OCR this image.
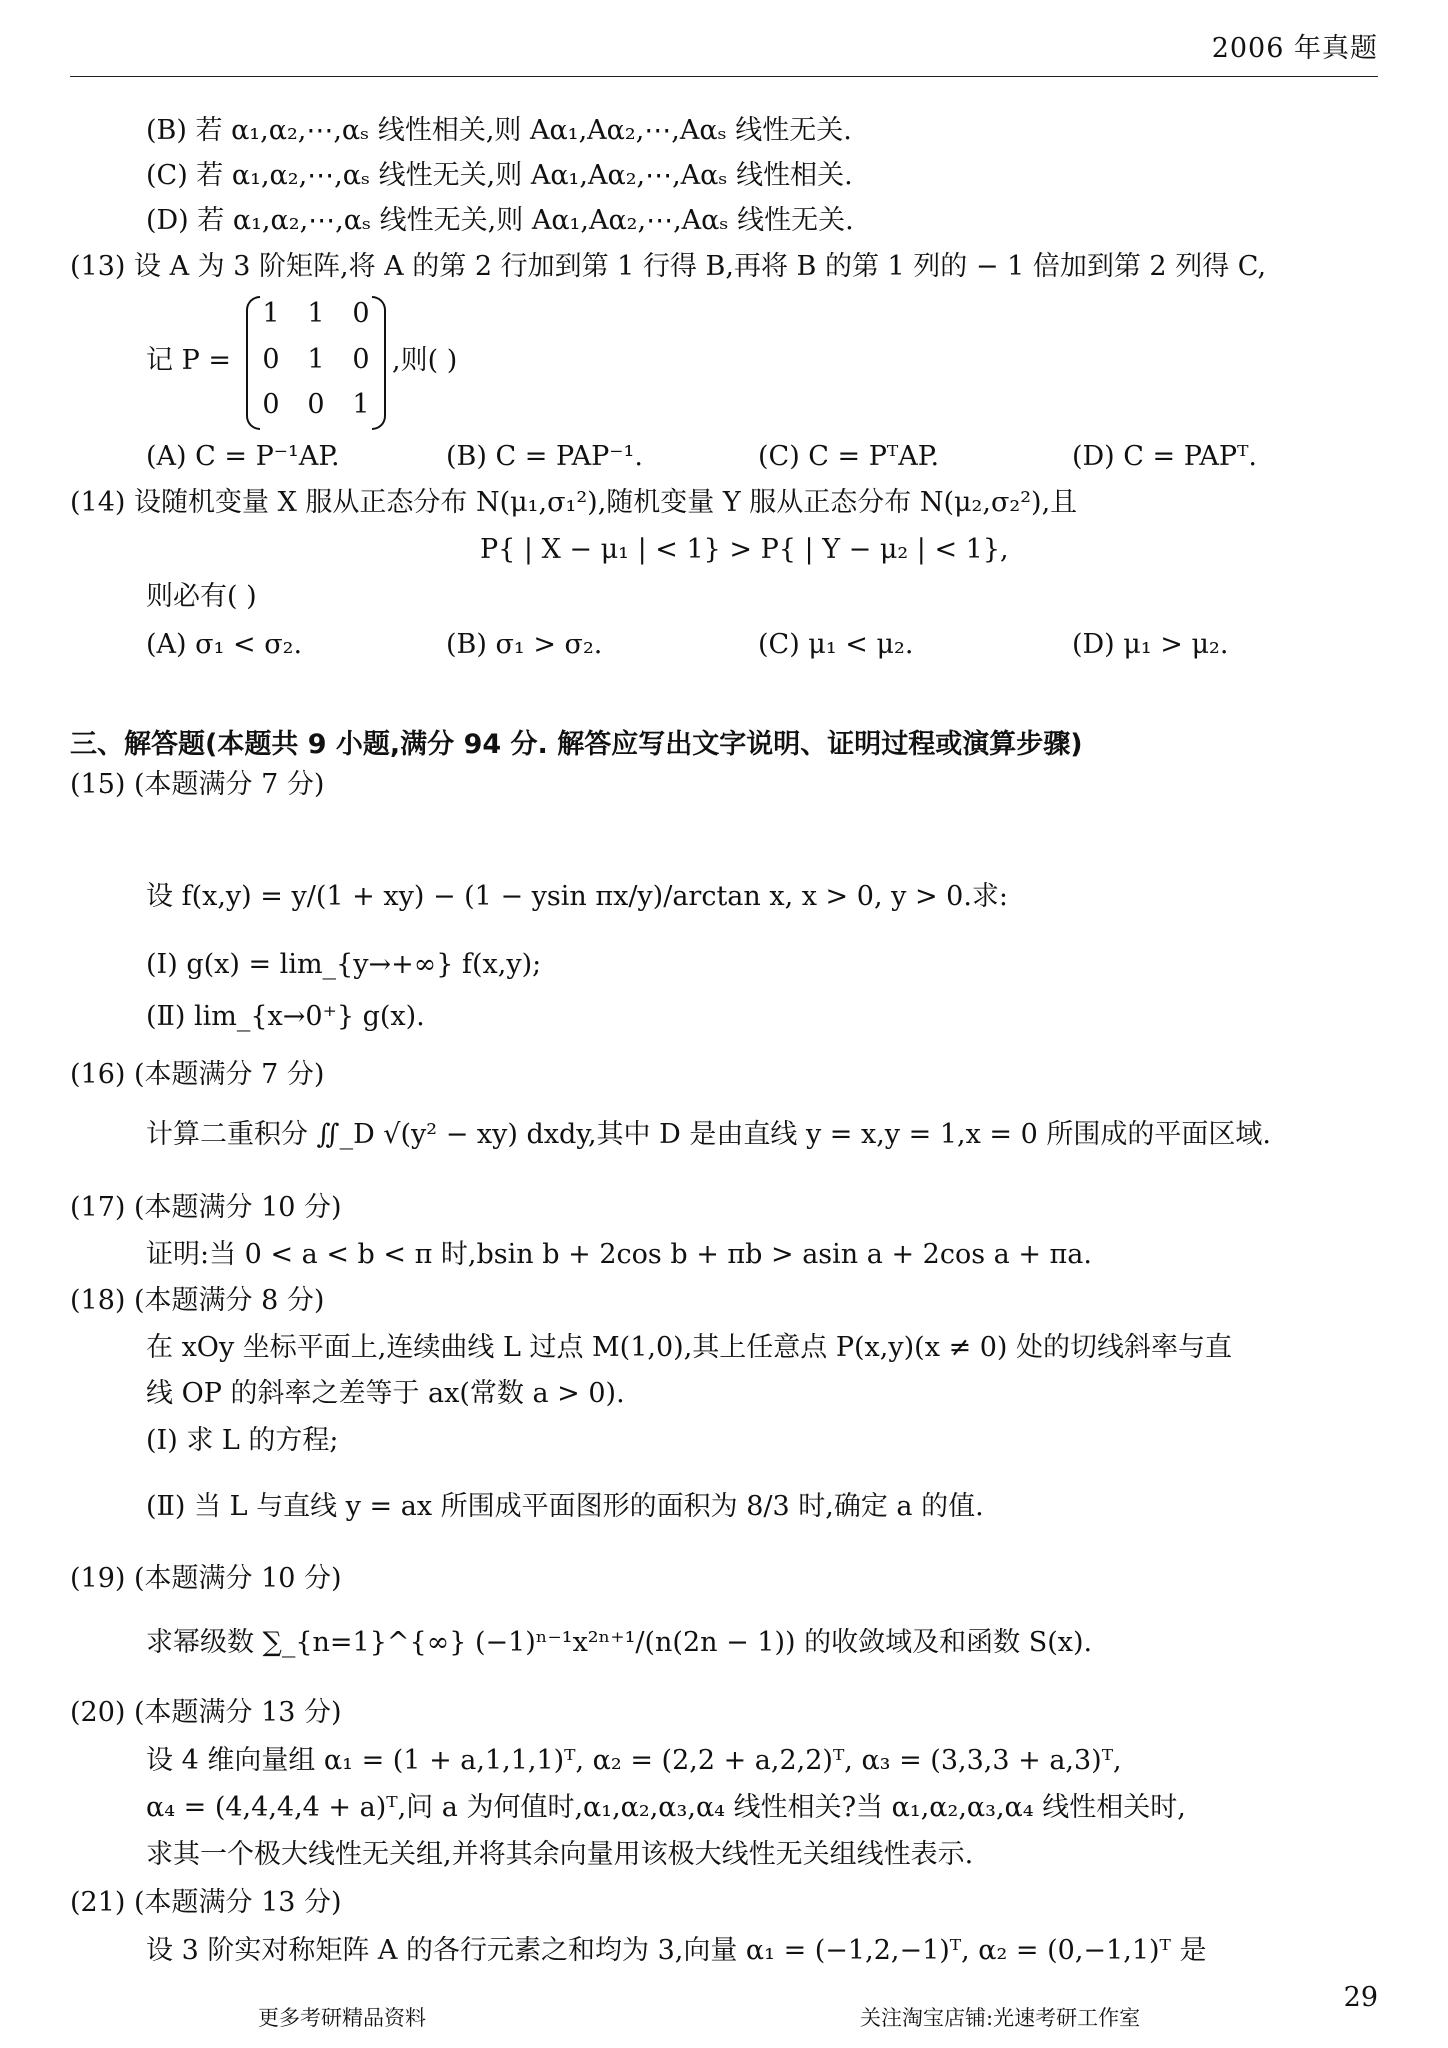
2006 年真题
(B) 若 α₁,α₂,⋯,αₛ 线性相关,则 Aα₁,Aα₂,⋯,Aαₛ 线性无关.
(C) 若 α₁,α₂,⋯,αₛ 线性无关,则 Aα₁,Aα₂,⋯,Aαₛ 线性相关.
(D) 若 α₁,α₂,⋯,αₛ 线性无关,则 Aα₁,Aα₂,⋯,Aαₛ 线性无关.
(13) 设 A 为 3 阶矩阵,将 A 的第 2 行加到第 1 行得 B,再将 B 的第 1 列的 − 1 倍加到第 2 列得 C,
记 P =
1 1 0
0 1 0
0 0 1
,则( )
(A) C = P⁻¹AP.	(B) C = PAP⁻¹.	(C) C = PᵀAP.	(D) C = PAPᵀ.
(14) 设随机变量 X 服从正态分布 N(μ₁,σ₁²),随机变量 Y 服从正态分布 N(μ₂,σ₂²),且
P{ | X − μ₁ | < 1} > P{ | Y − μ₂ | < 1},
则必有( )
(A) σ₁ < σ₂.	(B) σ₁ > σ₂.	(C) μ₁ < μ₂.	(D) μ₁ > μ₂.
三、解答题(本题共 9 小题,满分 94 分. 解答应写出文字说明、证明过程或演算步骤)
(15) (本题满分 7 分)
设 f(x,y) = y/(1 + xy) − (1 − ysin πx/y)/arctan x, x > 0, y > 0.求:
(Ⅰ) g(x) = lim_{y→+∞} f(x,y);
(Ⅱ) lim_{x→0⁺} g(x).
(16) (本题满分 7 分)
计算二重积分 ∬_D √(y² − xy) dxdy,其中 D 是由直线 y = x,y = 1,x = 0 所围成的平面区域.
(17) (本题满分 10 分)
证明:当 0 < a < b < π 时,bsin b + 2cos b + πb > asin a + 2cos a + πa.
(18) (本题满分 8 分)
在 xOy 坐标平面上,连续曲线 L 过点 M(1,0),其上任意点 P(x,y)(x ≠ 0) 处的切线斜率与直
线 OP 的斜率之差等于 ax(常数 a > 0).
(Ⅰ) 求 L 的方程;
(Ⅱ) 当 L 与直线 y = ax 所围成平面图形的面积为 8/3 时,确定 a 的值.
(19) (本题满分 10 分)
求幂级数 ∑_{n=1}^{∞} (−1)ⁿ⁻¹x²ⁿ⁺¹/(n(2n − 1)) 的收敛域及和函数 S(x).
(20) (本题满分 13 分)
设 4 维向量组 α₁ = (1 + a,1,1,1)ᵀ, α₂ = (2,2 + a,2,2)ᵀ, α₃ = (3,3,3 + a,3)ᵀ,
α₄ = (4,4,4,4 + a)ᵀ,问 a 为何值时,α₁,α₂,α₃,α₄ 线性相关?当 α₁,α₂,α₃,α₄ 线性相关时,
求其一个极大线性无关组,并将其余向量用该极大线性无关组线性表示.
(21) (本题满分 13 分)
设 3 阶实对称矩阵 A 的各行元素之和均为 3,向量 α₁ = (−1,2,−1)ᵀ, α₂ = (0,−1,1)ᵀ 是
更多考研精品资料	关注淘宝店铺:光速考研工作室
29
